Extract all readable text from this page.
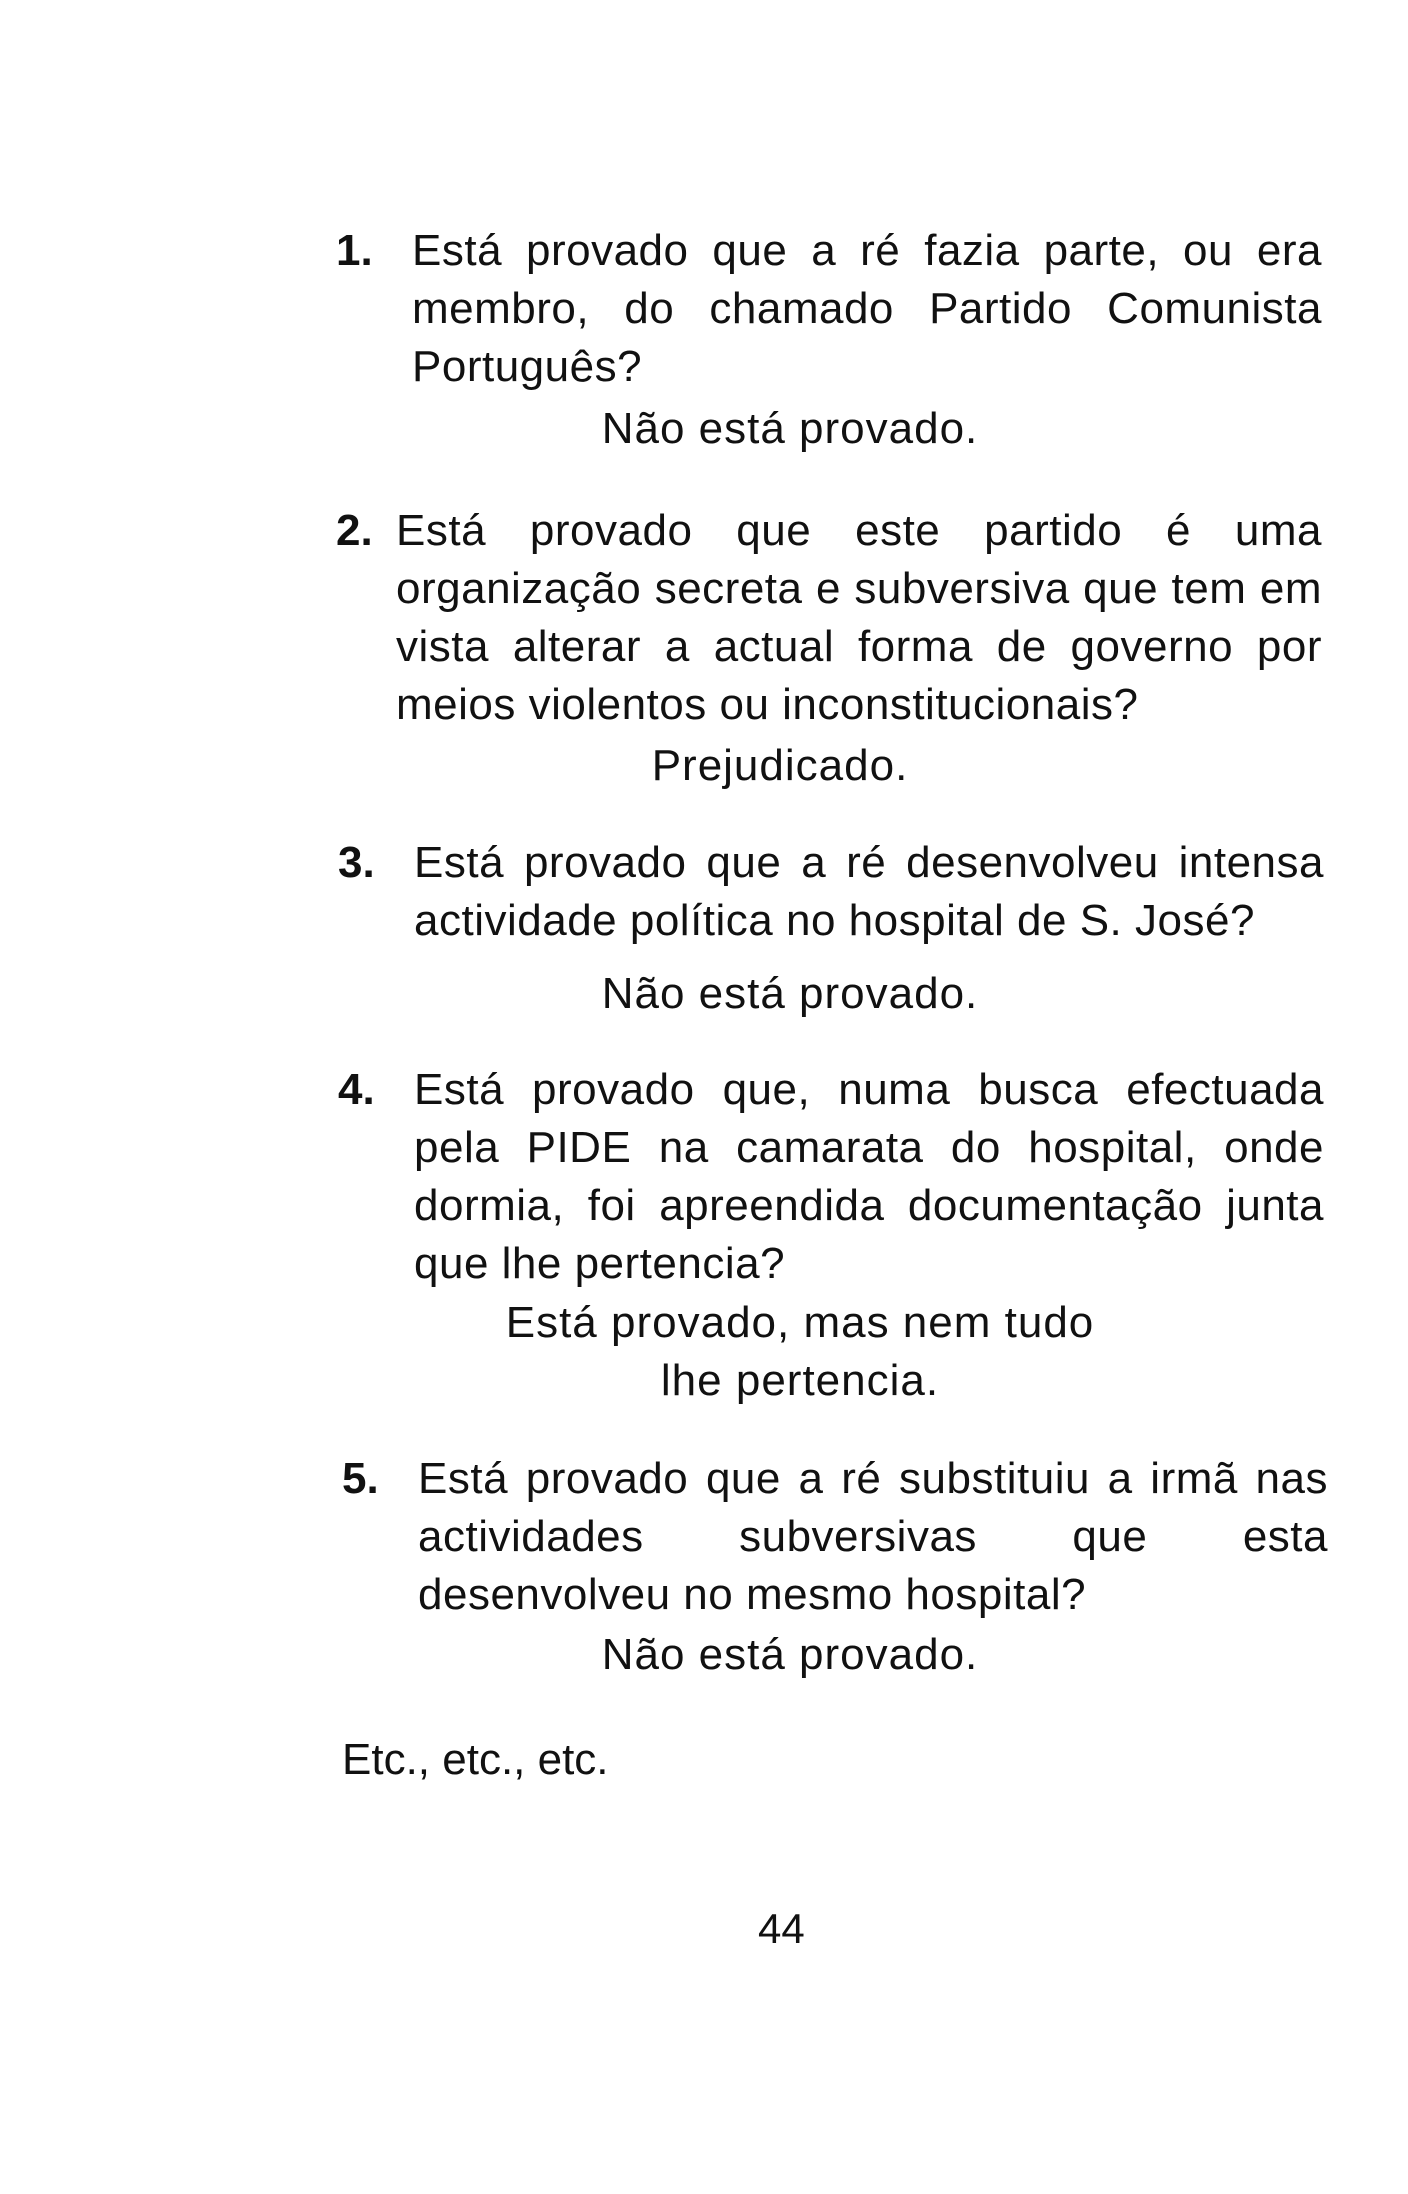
1. Está provado que a ré fazia parte, ou era membro, do chamado Partido Comunista Português?
Não está provado.
2. Está provado que este partido é uma organização secreta e subversiva que tem em vista alterar a actual forma de governo por meios violentos ou inconstitucionais?
Prejudicado.
3. Está provado que a ré desenvolveu intensa actividade política no hospital de S. José?
Não está provado.
4. Está provado que, numa busca efectuada pela PIDE na camarata do hospital, onde dormia, foi apreendida documentação junta que lhe pertencia?
Está provado, mas nem tudo
lhe pertencia.
5. Está provado que a ré substituiu a irmã nas actividades subversivas que esta desenvolveu no mesmo hospital?
Não está provado.
Etc., etc., etc.
44
